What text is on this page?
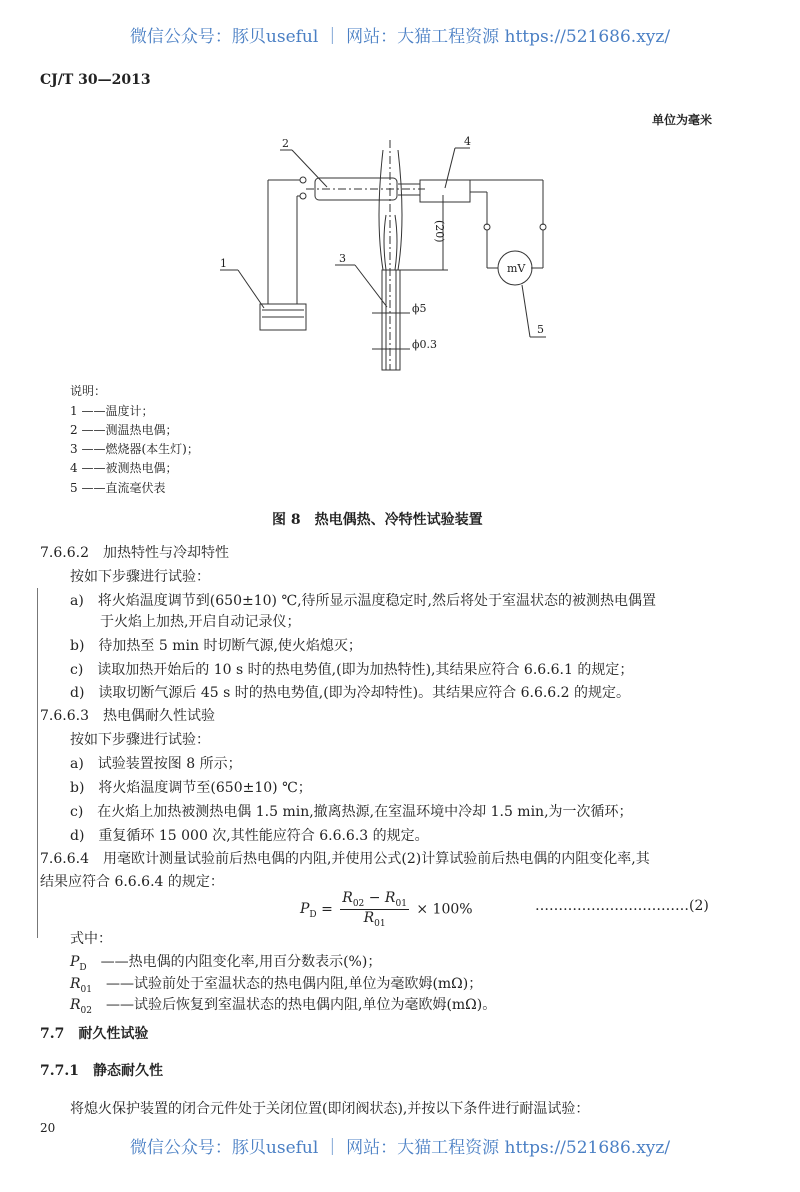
微信公众号：豚贝useful ｜ 网站：大猫工程资源 https://521686.xyz/
CJ/T 30—2013
单位为毫米
1
2
3
4
5
mV
ϕ5
ϕ0.3
(20)
说明：
1 ——温度计；
2 ——测温热电偶；
3 ——燃烧器(本生灯)；
4 ——被测热电偶；
5 ——直流毫伏表
图 8　热电偶热、冷特性试验装置
7.6.6.2　加热特性与冷却特性
按如下步骤进行试验：
a)　将火焰温度调节到(650±10) ℃,待所显示温度稳定时,然后将处于室温状态的被测热电偶置
于火焰上加热,开启自动记录仪；
b)　待加热至 5 min 时切断气源,使火焰熄灭；
c)　读取加热开始后的 10 s 时的热电势值,(即为加热特性),其结果应符合 6.6.6.1 的规定；
d)　读取切断气源后 45 s 时的热电势值,(即为冷却特性)。其结果应符合 6.6.6.2 的规定。
7.6.6.3　热电偶耐久性试验
按如下步骤进行试验：
a)　试验装置按图 8 所示；
b)　将火焰温度调节至(650±10) ℃；
c)　在火焰上加热被测热电偶 1.5 min,撤离热源,在室温环境中冷却 1.5 min,为一次循环；
d)　重复循环 15 000 次,其性能应符合 6.6.6.3 的规定。
7.6.6.4　用毫欧计测量试验前后热电偶的内阻,并使用公式(2)计算试验前后热电偶的内阻变化率,其
结果应符合 6.6.6.4 的规定：
$P_D = \frac{R_{02} - R_{01}}{R_{01}} \times 100\%$	……………………………(2)
式中：
$P_D$ ——热电偶的内阻变化率,用百分数表示(%)；
$R_{01}$ ——试验前处于室温状态的热电偶内阻,单位为毫欧姆(mΩ)；
$R_{02}$ ——试验后恢复到室温状态的热电偶内阻,单位为毫欧姆(mΩ)。
7.7　耐久性试验
7.7.1　静态耐久性
将熄火保护装置的闭合元件处于关闭位置(即闭阀状态),并按以下条件进行耐温试验：
20
微信公众号：豚贝useful ｜ 网站：大猫工程资源 https://521686.xyz/
